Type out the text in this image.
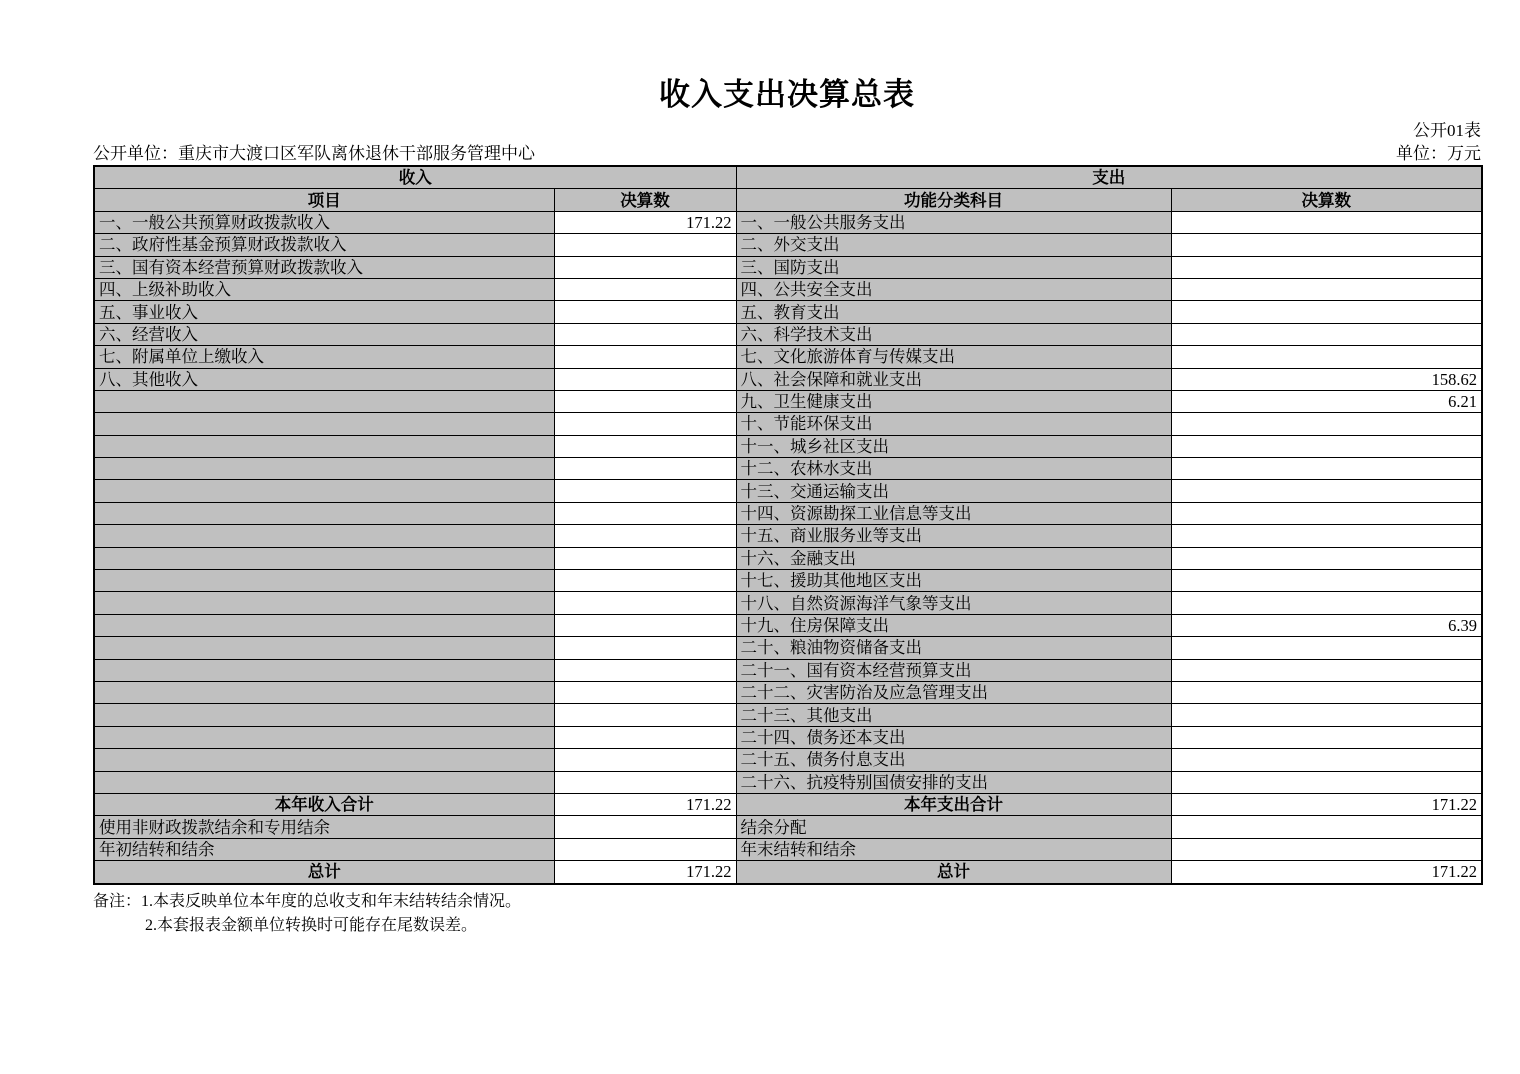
收入支出决算总表
公开01表
公开单位：重庆市大渡口区军队离休退休干部服务管理中心	单位：万元
收入		支出	
项目	决算数	功能分类科目	决算数
一、一般公共预算财政拨款收入	171.22	一、一般公共服务支出	
二、政府性基金预算财政拨款收入		二、外交支出	
三、国有资本经营预算财政拨款收入		三、国防支出	
四、上级补助收入		四、公共安全支出	
五、事业收入		五、教育支出	
六、经营收入		六、科学技术支出	
七、附属单位上缴收入		七、文化旅游体育与传媒支出	
八、其他收入		八、社会保障和就业支出	158.62
		九、卫生健康支出	6.21
		十、节能环保支出	
		十一、城乡社区支出	
		十二、农林水支出	
		十三、交通运输支出	
		十四、资源勘探工业信息等支出	
		十五、商业服务业等支出	
		十六、金融支出	
		十七、援助其他地区支出	
		十八、自然资源海洋气象等支出	
		十九、住房保障支出	6.39
		二十、粮油物资储备支出	
		二十一、国有资本经营预算支出	
		二十二、灾害防治及应急管理支出	
		二十三、其他支出	
		二十四、债务还本支出	
		二十五、债务付息支出	
		二十六、抗疫特别国债安排的支出	
本年收入合计	171.22	本年支出合计	171.22
使用非财政拨款结余和专用结余		结余分配	
年初结转和结余		年末结转和结余	
总计	171.22	总计	171.22
备注：1.本表反映单位本年度的总收支和年末结转结余情况。
2.本套报表金额单位转换时可能存在尾数误差。
